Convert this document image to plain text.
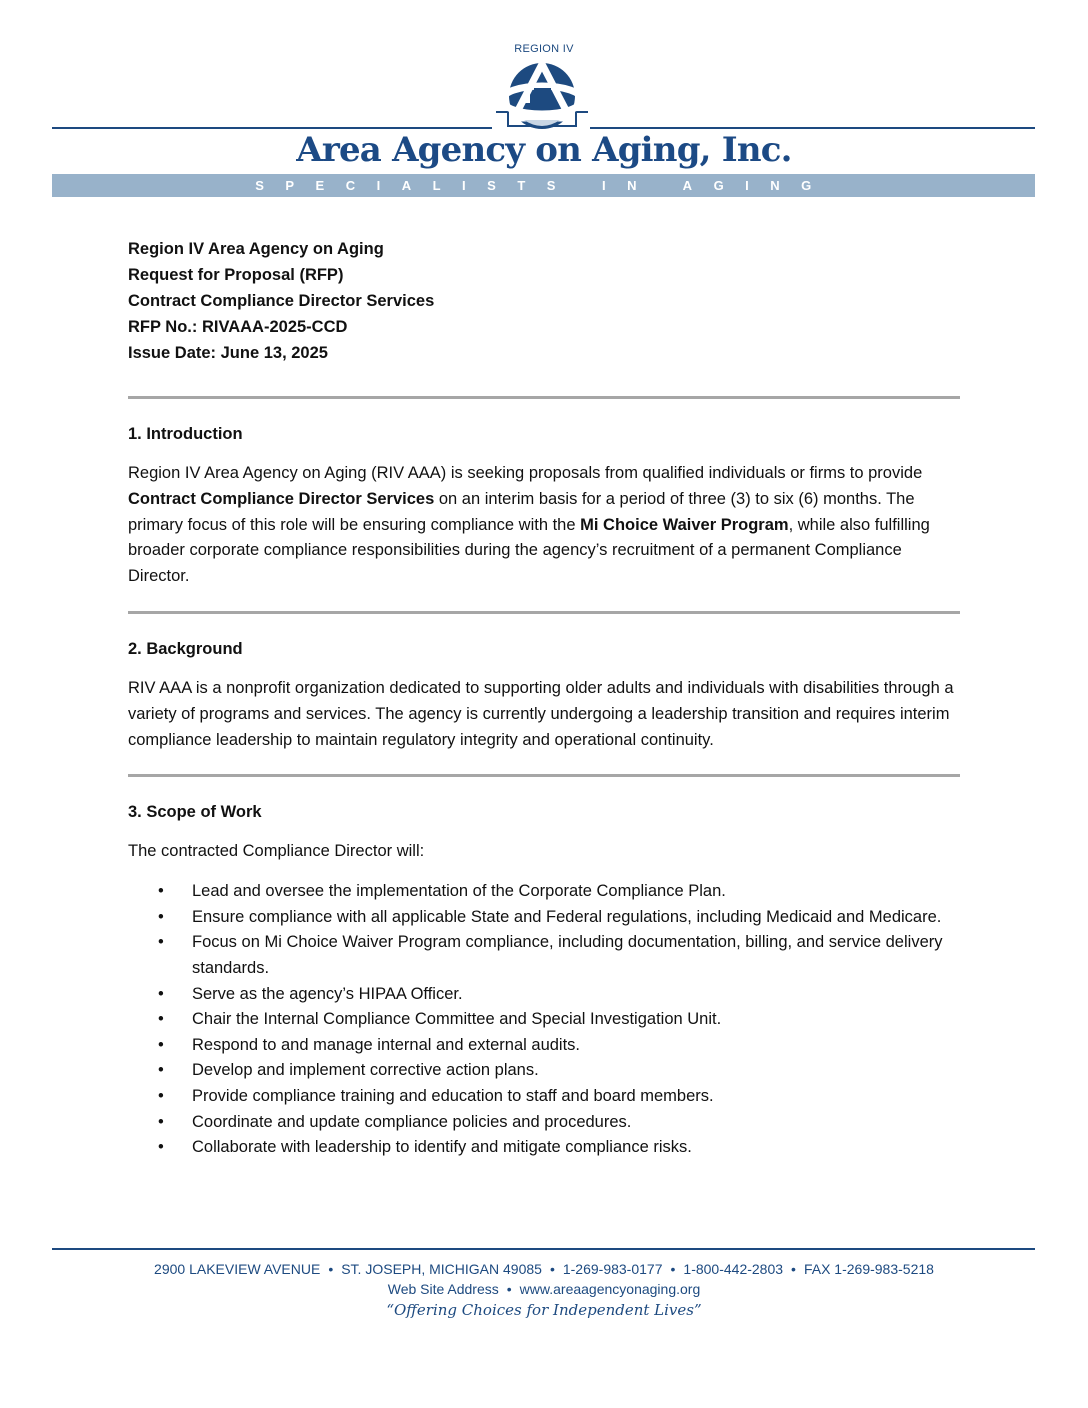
REGION IV
Area Agency on Aging, Inc.
SPECIALISTS IN AGING
Region IV Area Agency on Aging
Request for Proposal (RFP)
Contract Compliance Director Services
RFP No.: RIVAAA-2025-CCD
Issue Date: June 13, 2025
1. Introduction
Region IV Area Agency on Aging (RIV AAA) is seeking proposals from qualified individuals or firms to provide Contract Compliance Director Services on an interim basis for a period of three (3) to six (6) months. The primary focus of this role will be ensuring compliance with the Mi Choice Waiver Program, while also fulfilling broader corporate compliance responsibilities during the agency’s recruitment of a permanent Compliance Director.
2. Background
RIV AAA is a nonprofit organization dedicated to supporting older adults and individuals with disabilities through a variety of programs and services. The agency is currently undergoing a leadership transition and requires interim compliance leadership to maintain regulatory integrity and operational continuity.
3. Scope of Work
The contracted Compliance Director will:
• Lead and oversee the implementation of the Corporate Compliance Plan.
• Ensure compliance with all applicable State and Federal regulations, including Medicaid and Medicare.
• Focus on Mi Choice Waiver Program compliance, including documentation, billing, and service delivery standards.
• Serve as the agency’s HIPAA Officer.
• Chair the Internal Compliance Committee and Special Investigation Unit.
• Respond to and manage internal and external audits.
• Develop and implement corrective action plans.
• Provide compliance training and education to staff and board members.
• Coordinate and update compliance policies and procedures.
• Collaborate with leadership to identify and mitigate compliance risks.
2900 LAKEVIEW AVENUE • ST. JOSEPH, MICHIGAN 49085 • 1-269-983-0177 • 1-800-442-2803 • FAX 1-269-983-5218
Web Site Address • www.areaagencyonaging.org
“Offering Choices for Independent Lives”
